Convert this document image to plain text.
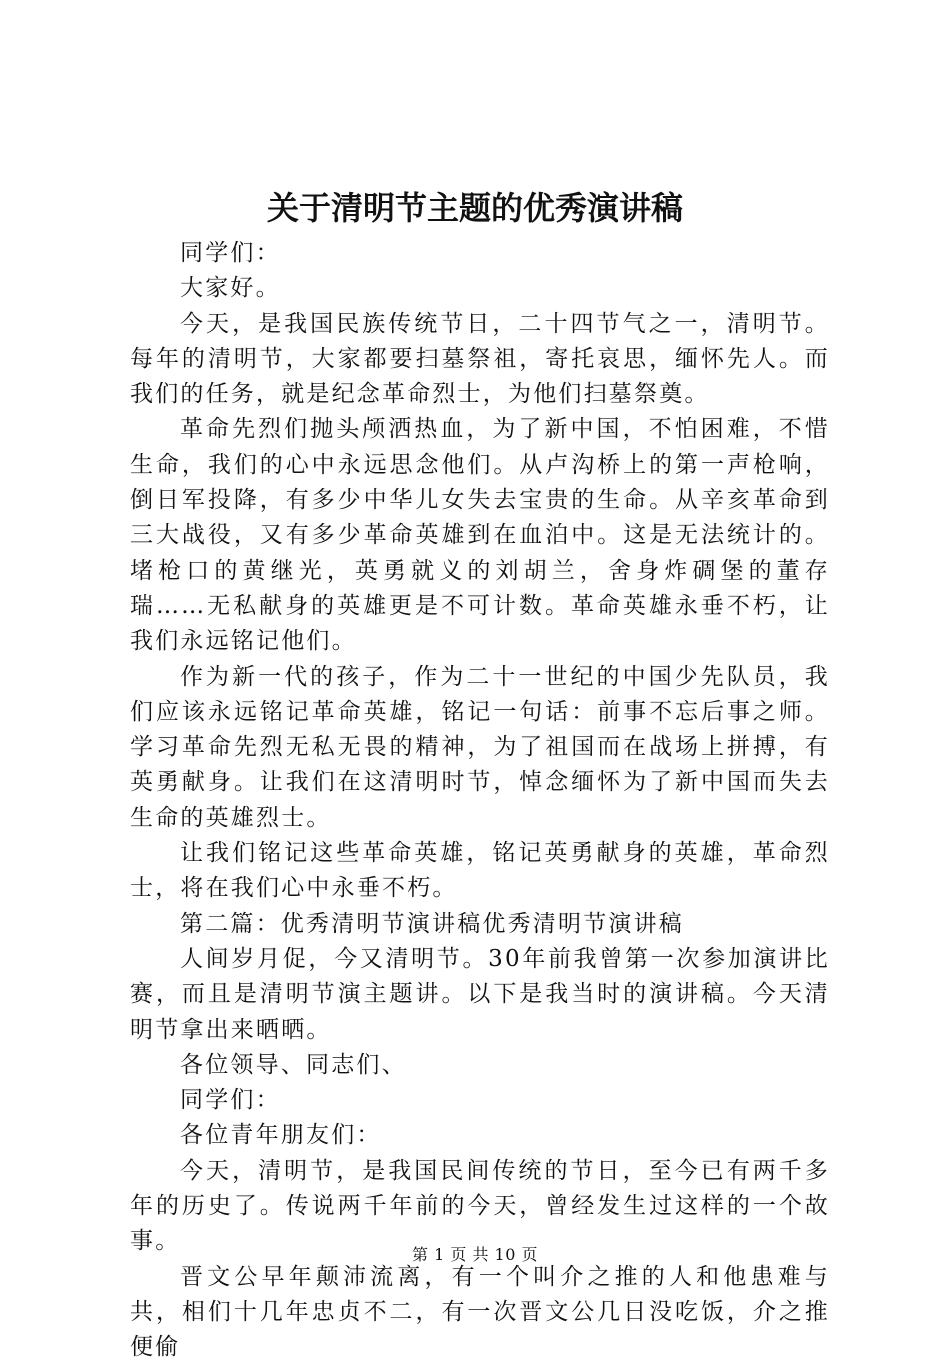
关于清明节主题的优秀演讲稿

同学们：

大家好。

今天，是我国民族传统节日，二十四节气之一，清明节。每年的清明节，大家都要扫墓祭祖，寄托哀思，缅怀先人。而我们的任务，就是纪念革命烈士，为他们扫墓祭奠。

革命先烈们抛头颅洒热血，为了新中国，不怕困难，不惜生命，我们的心中永远思念他们。从卢沟桥上的第一声枪响，倒日军投降，有多少中华儿女失去宝贵的生命。从辛亥革命到三大战役，又有多少革命英雄到在血泊中。这是无法统计的。堵枪口的黄继光，英勇就义的刘胡兰，舍身炸碉堡的董存瑞……无私献身的英雄更是不可计数。革命英雄永垂不朽，让我们永远铭记他们。

作为新一代的孩子，作为二十一世纪的中国少先队员，我们应该永远铭记革命英雄，铭记一句话：前事不忘后事之师。学习革命先烈无私无畏的精神，为了祖国而在战场上拼搏，有英勇献身。让我们在这清明时节，悼念缅怀为了新中国而失去生命的英雄烈士。

让我们铭记这些革命英雄，铭记英勇献身的英雄，革命烈士，将在我们心中永垂不朽。

第二篇：优秀清明节演讲稿优秀清明节演讲稿

人间岁月促，今又清明节。30年前我曾第一次参加演讲比赛，而且是清明节演主题讲。以下是我当时的演讲稿。今天清明节拿出来晒晒。

各位领导、同志们、

同学们：

各位青年朋友们：

今天，清明节，是我国民间传统的节日，至今已有两千多年的历史了。传说两千年前的今天，曾经发生过这样的一个故事。

晋文公早年颠沛流离，有一个叫介之推的人和他患难与共，相们十几年忠贞不二，有一次晋文公几日没吃饭，介之推便偷

第 1 页 共 10 页
